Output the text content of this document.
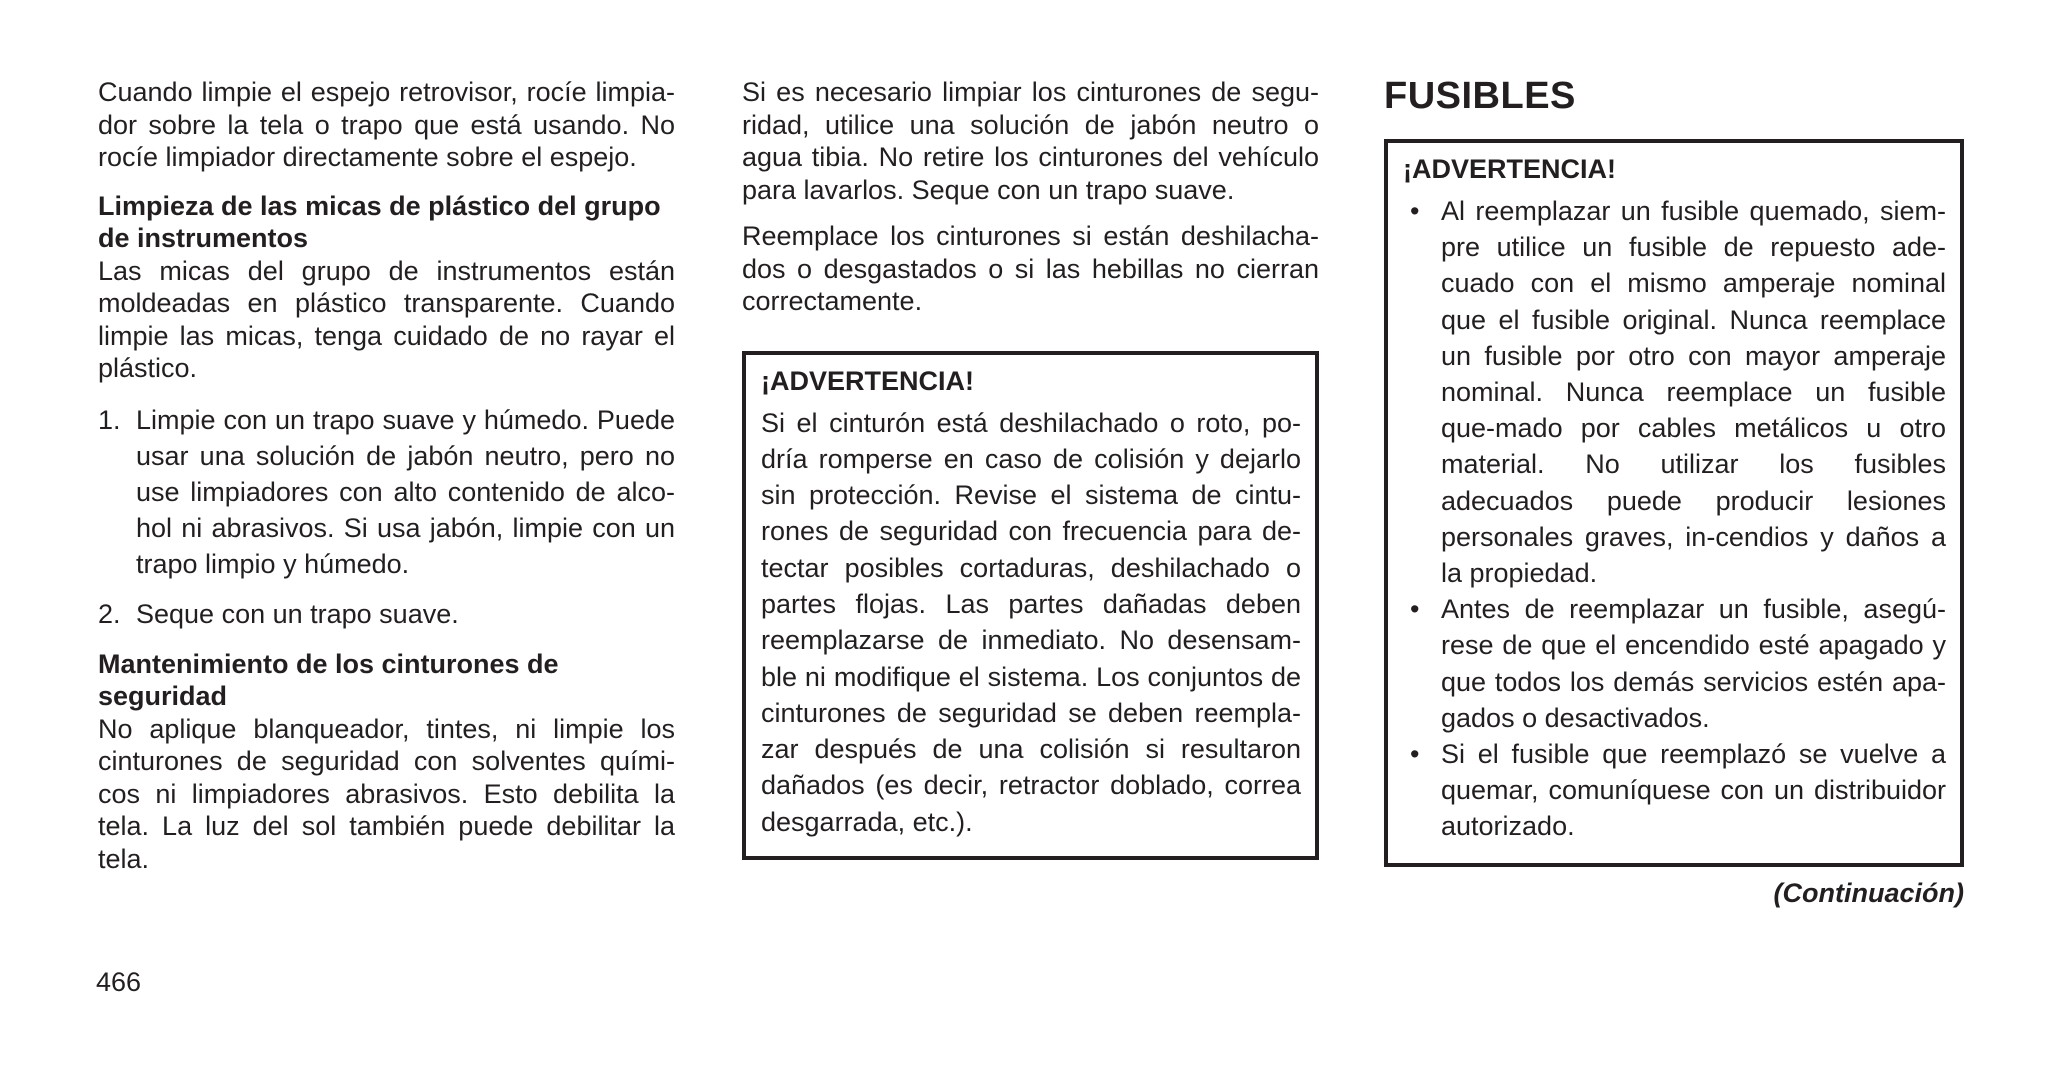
Cuando limpie el espejo retrovisor, rocíe limpia-dor sobre la tela o trapo que está usando. No rocíe limpiador directamente sobre el espejo.

Limpieza de las micas de plástico del grupo de instrumentos

Las micas del grupo de instrumentos están moldeadas en plástico transparente. Cuando limpie las micas, tenga cuidado de no rayar el plástico.

1. Limpie con un trapo suave y húmedo. Puede usar una solución de jabón neutro, pero no use limpiadores con alto contenido de alco-hol ni abrasivos. Si usa jabón, limpie con un trapo limpio y húmedo.
2. Seque con un trapo suave.
Mantenimiento de los cinturones de seguridad

No aplique blanqueador, tintes, ni limpie los cinturones de seguridad con solventes quími-cos ni limpiadores abrasivos. Esto debilita la tela. La luz del sol también puede debilitar la tela.

Si es necesario limpiar los cinturones de segu-ridad, utilice una solución de jabón neutro o agua tibia. No retire los cinturones del vehículo para lavarlos. Seque con un trapo suave.

Reemplace los cinturones si están deshilacha-dos o desgastados o si las hebillas no cierran correctamente.

¡ADVERTENCIA!
Si el cinturón está deshilachado o roto, po-dría romperse en caso de colisión y dejarlo sin protección. Revise el sistema de cintu-rones de seguridad con frecuencia para de-tectar posibles cortaduras, deshilachado o partes flojas. Las partes dañadas deben reemplazarse de inmediato. No desensam-ble ni modifique el sistema. Los conjuntos de cinturones de seguridad se deben reempla-zar después de una colisión si resultaron dañados (es decir, retractor doblado, correa desgarrada, etc.).
FUSIBLES
¡ADVERTENCIA!
• Al reemplazar un fusible quemado, siem-pre utilice un fusible de repuesto ade-cuado con el mismo amperaje nominal que el fusible original. Nunca reemplace un fusible por otro con mayor amperaje nominal. Nunca reemplace un fusible que-mado por cables metálicos u otro material. No utilizar los fusibles adecuados puede producir lesiones personales graves, in-cendios y daños a la propiedad.
• Antes de reemplazar un fusible, asegú-rese de que el encendido esté apagado y que todos los demás servicios estén apa-gados o desactivados.
• Si el fusible que reemplazó se vuelve a quemar, comuníquese con un distribuidor autorizado.
(Continuación)
466
